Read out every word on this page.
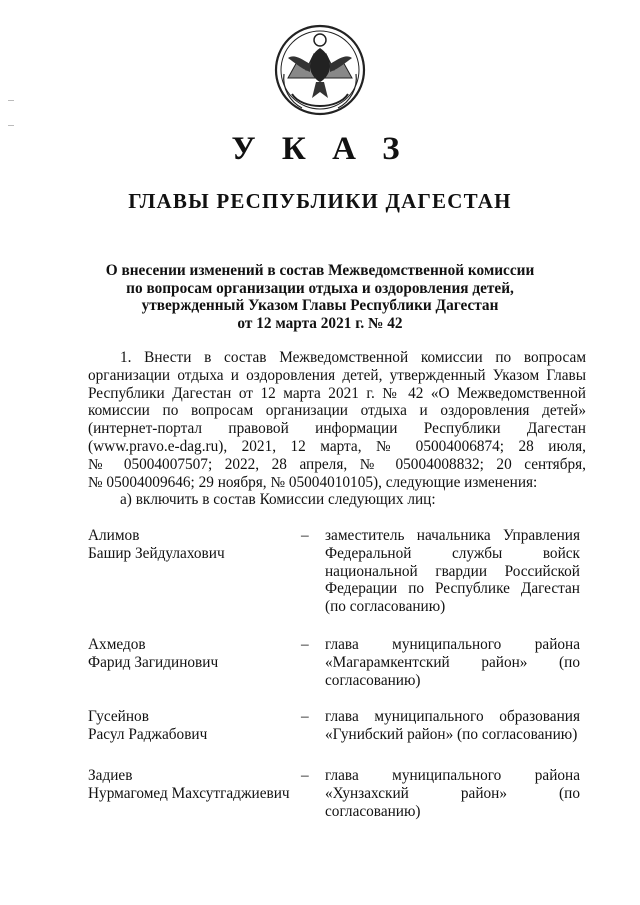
У К А З
ГЛАВЫ РЕСПУБЛИКИ ДАГЕСТАН
О внесении изменений в состав Межведомственной комиссии
по вопросам организации отдыха и оздоровления детей,
утвержденный Указом Главы Республики Дагестан
от 12 марта 2021 г. № 42
1. Внести в состав Межведомственной комиссии по вопросам
организации отдыха и оздоровления детей, утвержденный Указом Главы
Республики Дагестан от 12 марта 2021 г. № 42 «О Межведомственной
комиссии по вопросам организации отдыха и оздоровления детей»
(интернет-портал правовой информации Республики Дагестан
(www.pravo.e-dag.ru), 2021, 12 марта, № 05004006874; 28 июля,
№ 05004007507; 2022, 28 апреля, № 05004008832; 20 сентября,
№ 05004009646; 29 ноября, № 05004010105), следующие изменения:
а) включить в состав Комиссии следующих лиц:
Алимов
Башир Зейдулахович
– заместитель начальника Управления
Федеральной службы войск
национальной гвардии Российской
Федерации по Республике Дагестан
(по согласованию)
Ахмедов
Фарид Загидинович
– глава муниципального района
«Магарамкентский район» (по
согласованию)
Гусейнов
Расул Раджабович
– глава муниципального образования
«Гунибский район» (по согласованию)
Задиев
Нурмагомед Махсутгаджиевич
– глава муниципального района
«Хунзахский район» (по
согласованию)
